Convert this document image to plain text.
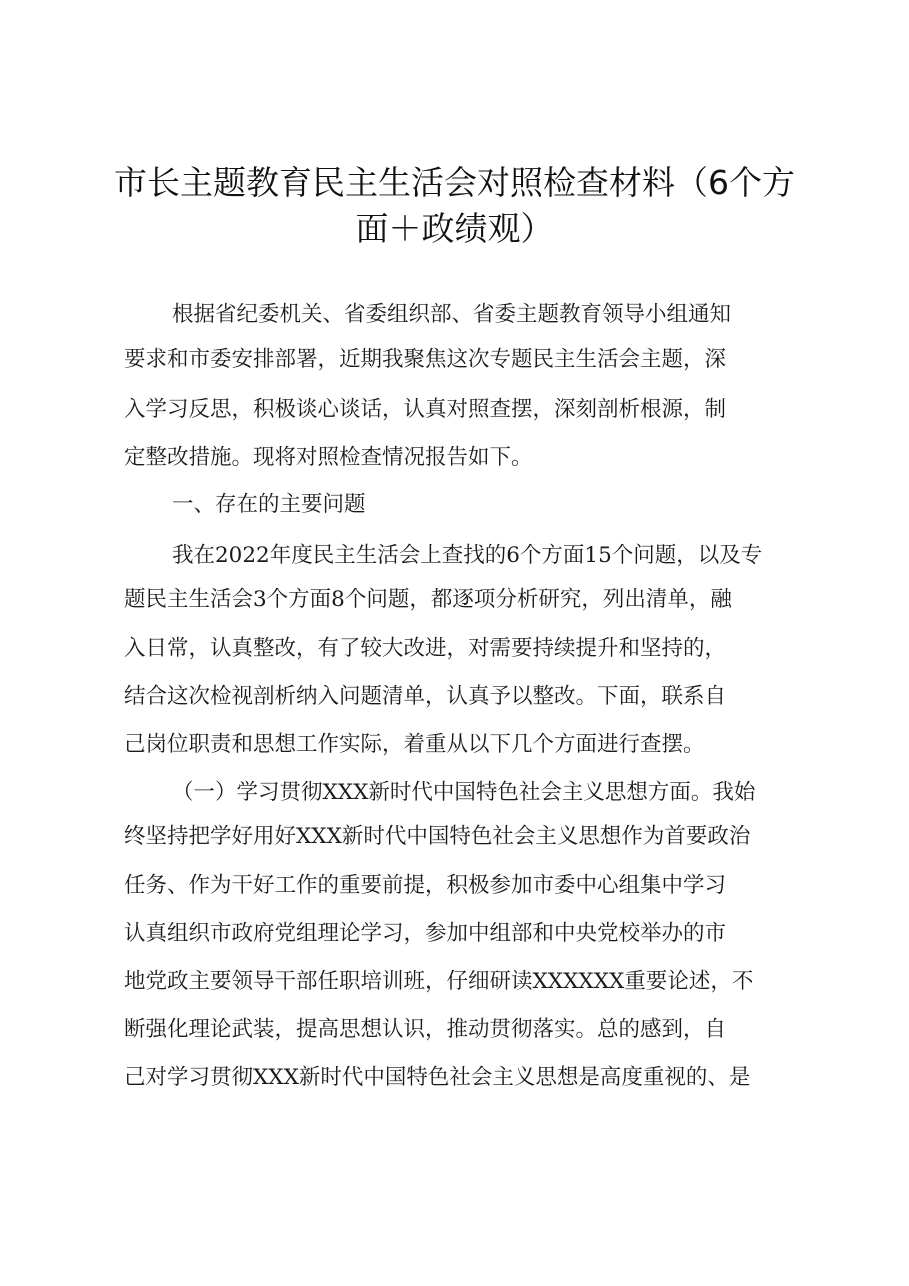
市长主题教育民主生活会对照检查材料（6个方
面＋政绩观）
根据省纪委机关、省委组织部、省委主题教育领导小组通知
要求和市委安排部署，近期我聚焦这次专题民主生活会主题，深
入学习反思，积极谈心谈话，认真对照查摆，深刻剖析根源，制
定整改措施。现将对照检查情况报告如下。
一、存在的主要问题
我在2022年度民主生活会上查找的6个方面15个问题，以及专
题民主生活会3个方面8个问题，都逐项分析研究，列出清单，融
入日常，认真整改，有了较大改进，对需要持续提升和坚持的，
结合这次检视剖析纳入问题清单，认真予以整改。下面，联系自
己岗位职责和思想工作实际，着重从以下几个方面进行查摆。
（一）学习贯彻XXX新时代中国特色社会主义思想方面。我始
终坚持把学好用好XXX新时代中国特色社会主义思想作为首要政治
任务、作为干好工作的重要前提，积极参加市委中心组集中学习
认真组织市政府党组理论学习，参加中组部和中央党校举办的市
地党政主要领导干部任职培训班，仔细研读XXXXXX重要论述，不
断强化理论武装，提高思想认识，推动贯彻落实。总的感到，自
己对学习贯彻XXX新时代中国特色社会主义思想是高度重视的、是
